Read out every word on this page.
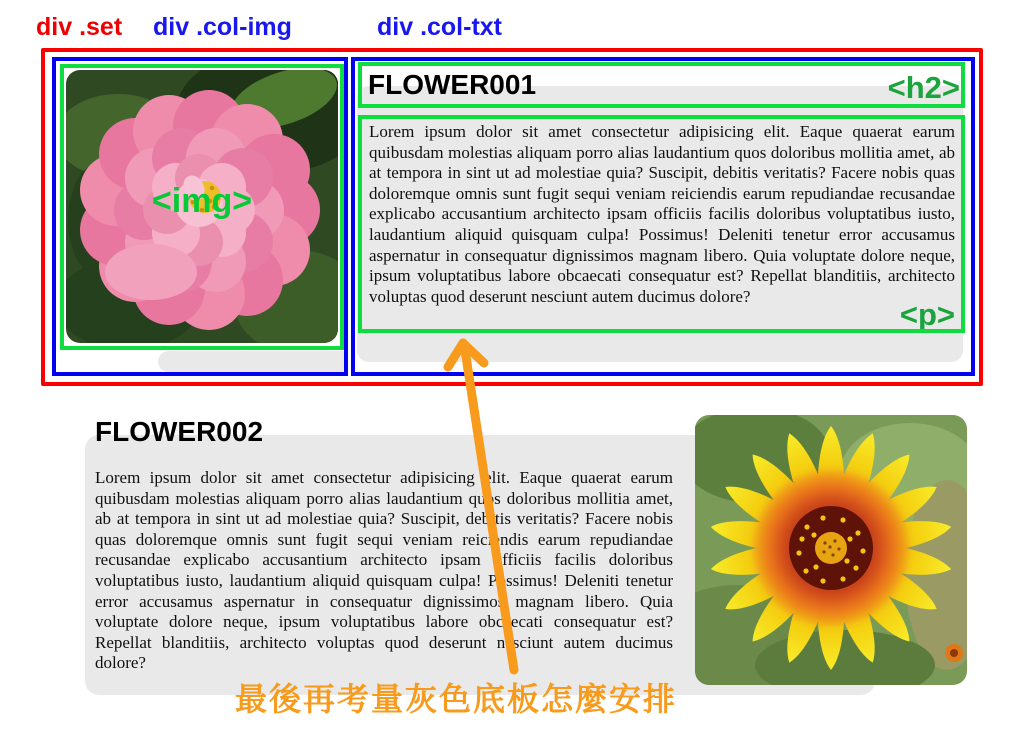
div .set div .col-img	div .col-txt
<img>
FLOWER001	<h2>

Lorem ipsum dolor sit amet consectetur adipisicing elit. Eaque quaerat earum quibusdam molestias aliquam porro alias laudantium quos doloribus mollitia amet, ab at tempora in sint ut ad molestiae quia? Suscipit, debitis veritatis? Facere nobis quas doloremque omnis sunt fugit sequi veniam reiciendis earum repudiandae recusandae explicabo accusantium architecto ipsam officiis facilis doloribus voluptatibus iusto, laudantium aliquid quisquam culpa! Possimus! Deleniti tenetur error accusamus aspernatur in consequatur dignissimos magnam libero. Quia voluptate dolore neque, ipsum voluptatibus labore obcaecati consequatur est? Repellat blanditiis, architecto voluptas quod deserunt nesciunt autem ducimus dolore?

<p>
FLOWER002

Lorem ipsum dolor sit amet consectetur adipisicing elit. Eaque quaerat earum quibusdam molestias aliquam porro alias laudantium quos doloribus mollitia amet, ab at tempora in sint ut ad molestiae quia? Suscipit, debitis veritatis? Facere nobis quas doloremque omnis sunt fugit sequi veniam reiciendis earum repudiandae recusandae explicabo accusantium architecto ipsam officiis facilis doloribus voluptatibus iusto, laudantium aliquid quisquam culpa! Possimus! Deleniti tenetur error accusamus aspernatur in consequatur dignissimos magnam libero. Quia voluptate dolore neque, ipsum voluptatibus labore obcaecati consequatur est? Repellat blanditiis, architecto voluptas quod deserunt nesciunt autem ducimus dolore?

最後再考量灰色底板怎麼安排
